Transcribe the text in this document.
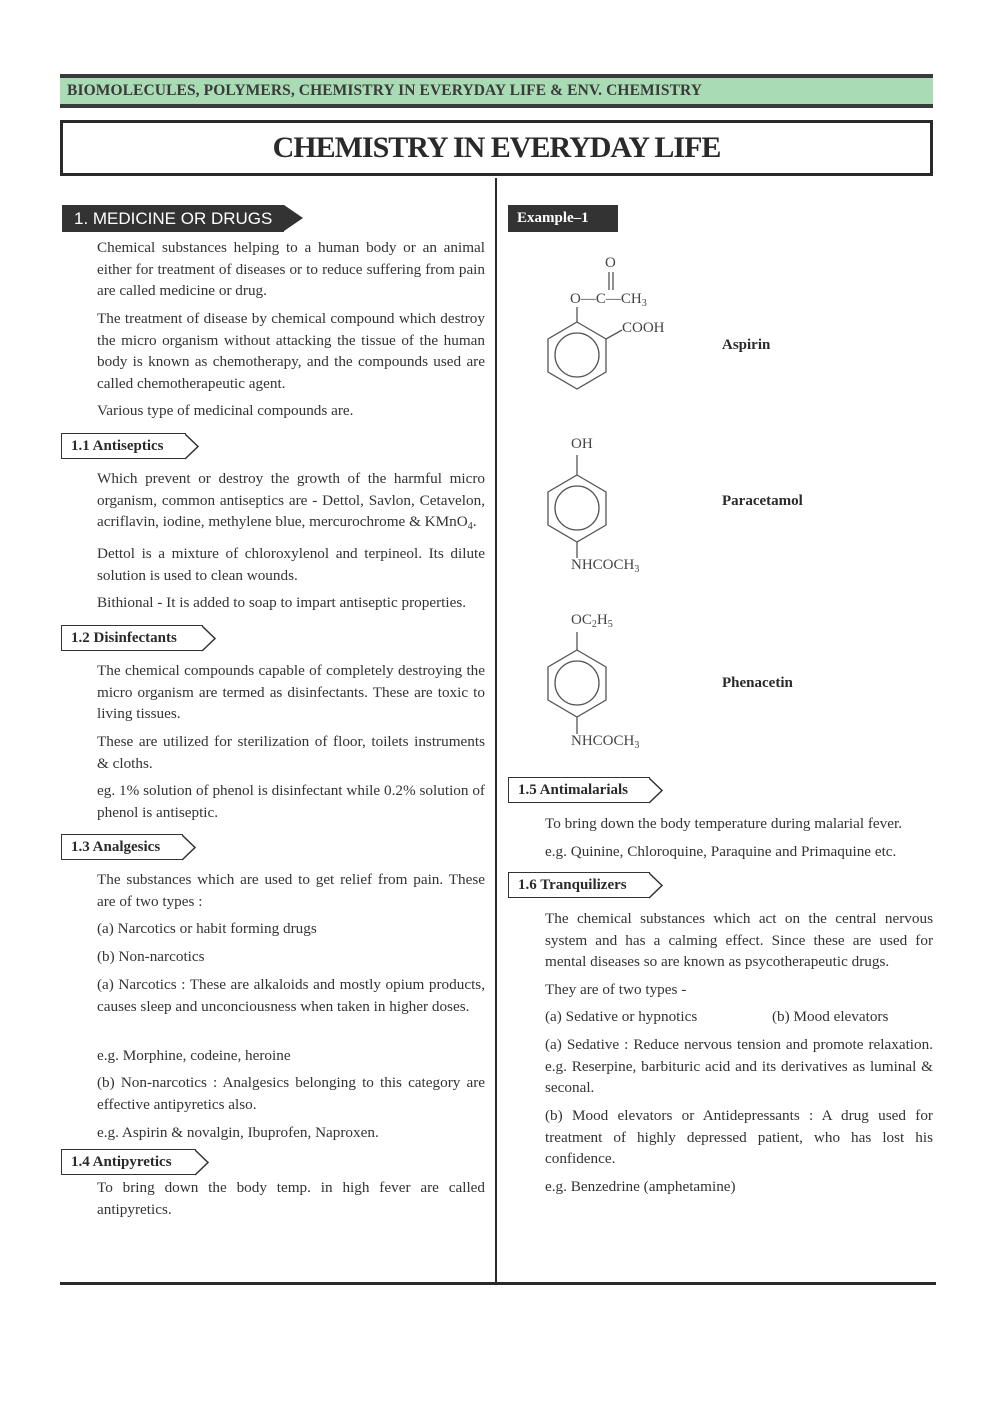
BIOMOLECULES, POLYMERS, CHEMISTRY IN EVERYDAY LIFE & ENV. CHEMISTRY
CHEMISTRY IN EVERYDAY LIFE
1. MEDICINE OR DRUGS
Chemical substances helping to a human body or an animal either for treatment of diseases or to reduce suffering from pain are called medicine or drug.
The treatment of disease by chemical compound which destroy the micro organism without attacking the tissue of the human body is known as chemotherapy, and the compounds used are called chemotherapeutic agent.
Various type of medicinal compounds are.
1.1 Antiseptics
Which prevent or destroy the growth of the harmful micro organism, common antiseptics are - Dettol, Savlon, Cetavelon, acriflavin, iodine, methylene blue, mercurochrome & KMnO$_4$.
Dettol is a mixture of chloroxylenol and terpineol. Its dilute solution is used to clean wounds.
Bithional - It is added to soap to impart antiseptic properties.
1.2 Disinfectants
The chemical compounds capable of completely destroying the micro organism are termed as disinfectants. These are toxic to living tissues.
These are utilized for sterilization of floor, toilets instruments & cloths.
eg. 1% solution of phenol is disinfectant while 0.2% solution of phenol is antiseptic.
1.3 Analgesics
The substances which are used to get relief from pain. These are of two types :
(a) Narcotics or habit forming drugs
(b) Non-narcotics
(a) Narcotics : These are alkaloids and mostly opium products, causes sleep and unconciousness when taken in higher doses.
e.g. Morphine, codeine, heroine
(b) Non-narcotics : Analgesics belonging to this category are effective antipyretics also.
e.g. Aspirin & novalgin, Ibuprofen, Naproxen.
1.4 Antipyretics
To bring down the body temp. in high fever are called antipyretics.
Example–1
O
$O—C—CH_3$
COOH
Aspirin
OH
$NHCOCH_3$
Paracetamol
$OC_2H_5$
$NHCOCH_3$
Phenacetin
1.5 Antimalarials
To bring down the body temperature during malarial fever.
e.g. Quinine, Chloroquine, Paraquine and Primaquine etc.
1.6 Tranquilizers
The chemical substances which act on the central nervous system and has a calming effect. Since these are used for mental diseases so are known as psycotherapeutic drugs.
They are of two types -
(a) Sedative or hypnotics	(b) Mood elevators
(a) Sedative : Reduce nervous tension and promote relaxation. e.g. Reserpine, barbituric acid and its derivatives as luminal & seconal.
(b) Mood elevators or Antidepressants : A drug used for treatment of highly depressed patient, who has lost his confidence.
e.g. Benzedrine (amphetamine)
